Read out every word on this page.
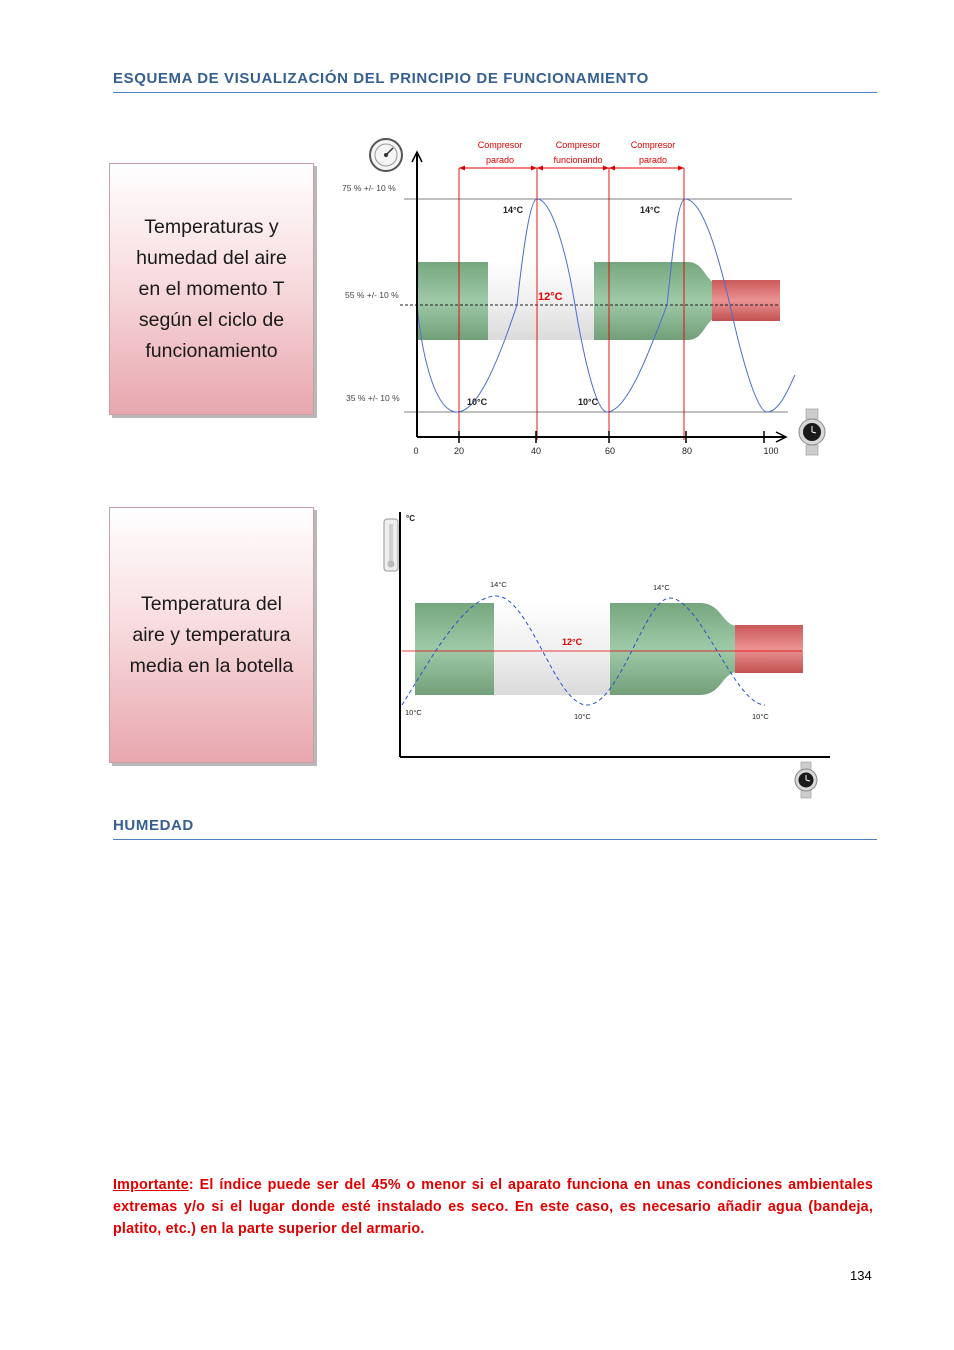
ESQUEMA DE VISUALIZACIÓN DEL PRINCIPIO DE FUNCIONAMIENTO
Temperaturas y humedad del aire en el momento T según el ciclo de funcionamiento
75 % +/- 10 %
55 % +/- 10 %
35 % +/- 10 %
Compresor
parado
Compresor
funcionando
Compresor
parado
14°C	14°C
12°C
10°C	10°C
0	20	40	60	80	100
Temperatura del aire y temperatura media en la botella
°C
14°C	14°C
12°C
10°C	10°C	10°C
HUMEDAD
Importante: El índice puede ser del 45% o menor si el aparato funciona en unas condiciones ambientales extremas y/o si el lugar donde esté instalado es seco. En este caso, es necesario añadir agua (bandeja, platito, etc.) en la parte superior del armario.
134
